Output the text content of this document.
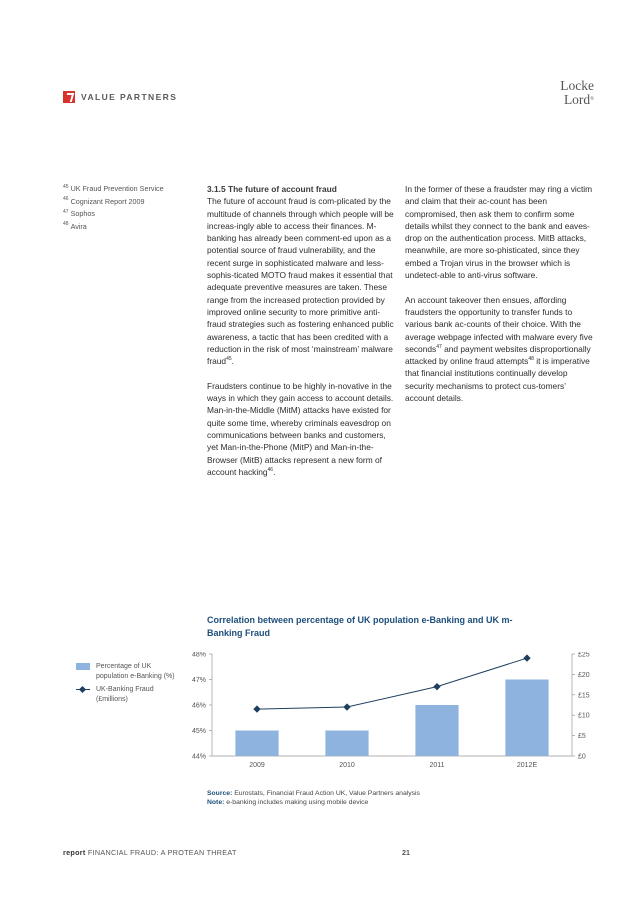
VALUE PARTNERS
Locke
Lord®
$^{45}$ UK Fraud Prevention Service
$^{46}$ Cognizant Report 2009
$^{47}$ Sophos
$^{48}$ Avira
3.1.5 The future of account fraud

The future of account fraud is com-plicated by the multitude of channels through which people will be increas-ingly able to access their finances. M-banking has already been comment-ed upon as a potential source of fraud vulnerability, and the recent surge in sophisticated malware and less-sophis-ticated MOTO fraud makes it essential that adequate preventive measures are taken. These range from the increased protection provided by improved online security to more primitive anti-fraud strategies such as fostering enhanced public awareness, a tactic that has been credited with a reduction in the risk of most ‘mainstream’ malware fraud$^{45}$.

Fraudsters continue to be highly in-novative in the ways in which they gain access to account details. Man-in-the-Middle (MitM) attacks have existed for quite some time, whereby criminals eavesdrop on communications between banks and customers, yet Man-in-the-Phone (MitP) and Man-in-the-Browser (MitB) attacks represent a new form of account hacking$^{46}$.

In the former of these a fraudster may ring a victim and claim that their ac-count has been compromised, then ask them to confirm some details whilst they connect to the bank and eaves-drop on the authentication process. MitB attacks, meanwhile, are more so-phisticated, since they embed a Trojan virus in the browser which is undetect-able to anti-virus software.

An account takeover then ensues, affording fraudsters the opportunity to transfer funds to various bank ac-counts of their choice. With the average webpage infected with malware every five seconds$^{47}$ and payment websites disproportionally attacked by online fraud attempts$^{48}$ it is imperative that financial institutions continually develop security mechanisms to protect cus-tomers’ account details.

Correlation between percentage of UK population e-Banking and UK m-Banking Fraud
Percentage of UK population e-Banking (%)
UK-Banking Fraud (£millions)
44%
45%
46%
47%
48%
£0
£5
£10
£15
£20
£25
2009	2010	2011	2012E
Source: Eurostats, Financial Fraud Action UK, Value Partners analysis
Note: e-banking includes making using mobile device
report FINANCIAL FRAUD: A PROTEAN THREAT	21
